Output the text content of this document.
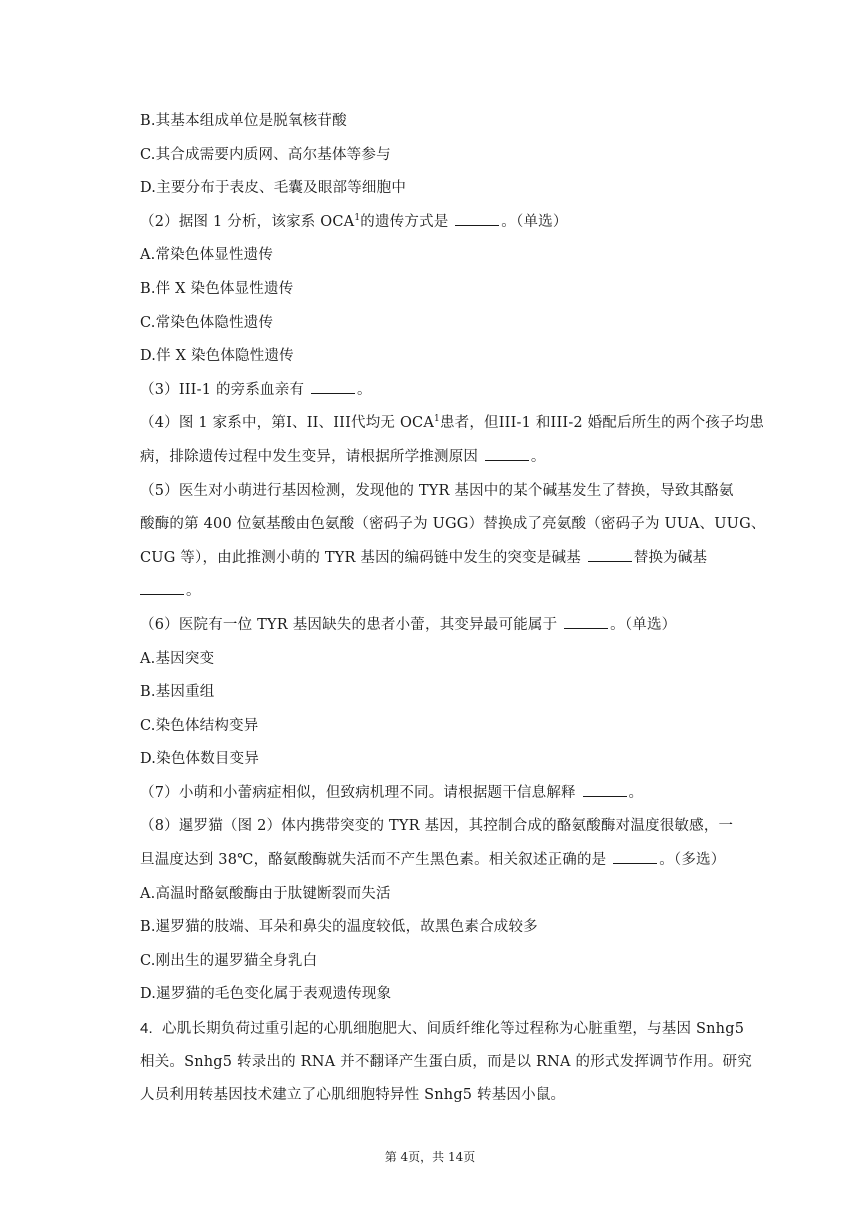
B.其基本组成单位是脱氧核苷酸
C.其合成需要内质网、高尔基体等参与
D.主要分布于表皮、毛囊及眼部等细胞中
（2）据图 1 分析，该家系 OCA$^1$的遗传方式是	。（单选）
A.常染色体显性遗传
B.伴 X 染色体显性遗传
C.常染色体隐性遗传
D.伴 X 染色体隐性遗传
（3）III-1 的旁系血亲有	。
（4）图 1 家系中，第I、II、III代均无 OCA$^1$患者，但III-1 和III-2 婚配后所生的两个孩子均患
病，排除遗传过程中发生变异，请根据所学推测原因	。
（5）医生对小萌进行基因检测，发现他的 TYR 基因中的某个碱基发生了替换，导致其酪氨
酸酶的第 400 位氨基酸由色氨酸（密码子为 UGG）替换成了亮氨酸（密码子为 UUA、UUG、
CUG 等），由此推测小萌的 TYR 基因的编码链中发生的突变是碱基	替换为碱基
。
（6）医院有一位 TYR 基因缺失的患者小蕾，其变异最可能属于	。（单选）
A.基因突变
B.基因重组
C.染色体结构变异
D.染色体数目变异
（7）小萌和小蕾病症相似，但致病机理不同。请根据题干信息解释	。
（8）暹罗猫（图 2）体内携带突变的 TYR 基因，其控制合成的酪氨酸酶对温度很敏感，一
旦温度达到 38℃，酪氨酸酶就失活而不产生黑色素。相关叙述正确的是	。（多选）
A.高温时酪氨酸酶由于肽键断裂而失活
B.暹罗猫的肢端、耳朵和鼻尖的温度较低，故黑色素合成较多
C.刚出生的暹罗猫全身乳白
D.暹罗猫的毛色变化属于表观遗传现象
4. 心肌长期负荷过重引起的心肌细胞肥大、间质纤维化等过程称为心脏重塑，与基因 Snhg5
相关。Snhg5 转录出的 RNA 并不翻译产生蛋白质，而是以 RNA 的形式发挥调节作用。研究
人员利用转基因技术建立了心肌细胞特异性 Snhg5 转基因小鼠。
第 4页，共 14页
